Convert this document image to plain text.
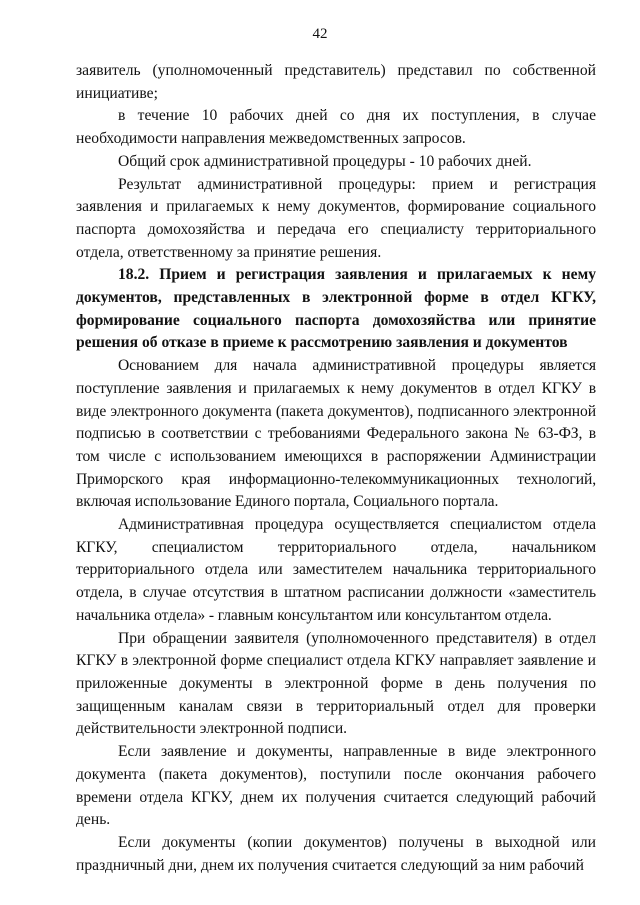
42

заявитель (уполномоченный представитель) представил по собственной инициативе;

в течение 10 рабочих дней со дня их поступления, в случае необходимости направления межведомственных запросов.

Общий срок административной процедуры - 10 рабочих дней.

Результат административной процедуры: прием и регистрация заявления и прилагаемых к нему документов, формирование социального паспорта домохозяйства и передача его специалисту территориального отдела, ответственному за принятие решения.

18.2. Прием и регистрация заявления и прилагаемых к нему документов, представленных в электронной форме в отдел КГКУ, формирование социального паспорта домохозяйства или принятие решения об отказе в приеме к рассмотрению заявления и документов

Основанием для начала административной процедуры является поступление заявления и прилагаемых к нему документов в отдел КГКУ в виде электронного документа (пакета документов), подписанного электронной подписью в соответствии с требованиями Федерального закона № 63-ФЗ, в том числе с использованием имеющихся в распоряжении Администрации Приморского края информационно-телекоммуникационных технологий, включая использование Единого портала, Социального портала.

Административная процедура осуществляется специалистом отдела КГКУ, специалистом территориального отдела, начальником территориального отдела или заместителем начальника территориального отдела, в случае отсутствия в штатном расписании должности «заместитель начальника отдела» - главным консультантом или консультантом отдела.

При обращении заявителя (уполномоченного представителя) в отдел КГКУ в электронной форме специалист отдела КГКУ направляет заявление и приложенные документы в электронной форме в день получения по защищенным каналам связи в территориальный отдел для проверки действительности электронной подписи.

Если заявление и документы, направленные в виде электронного документа (пакета документов), поступили после окончания рабочего времени отдела КГКУ, днем их получения считается следующий рабочий день.

Если документы (копии документов) получены в выходной или праздничный дни, днем их получения считается следующий за ним рабочий
